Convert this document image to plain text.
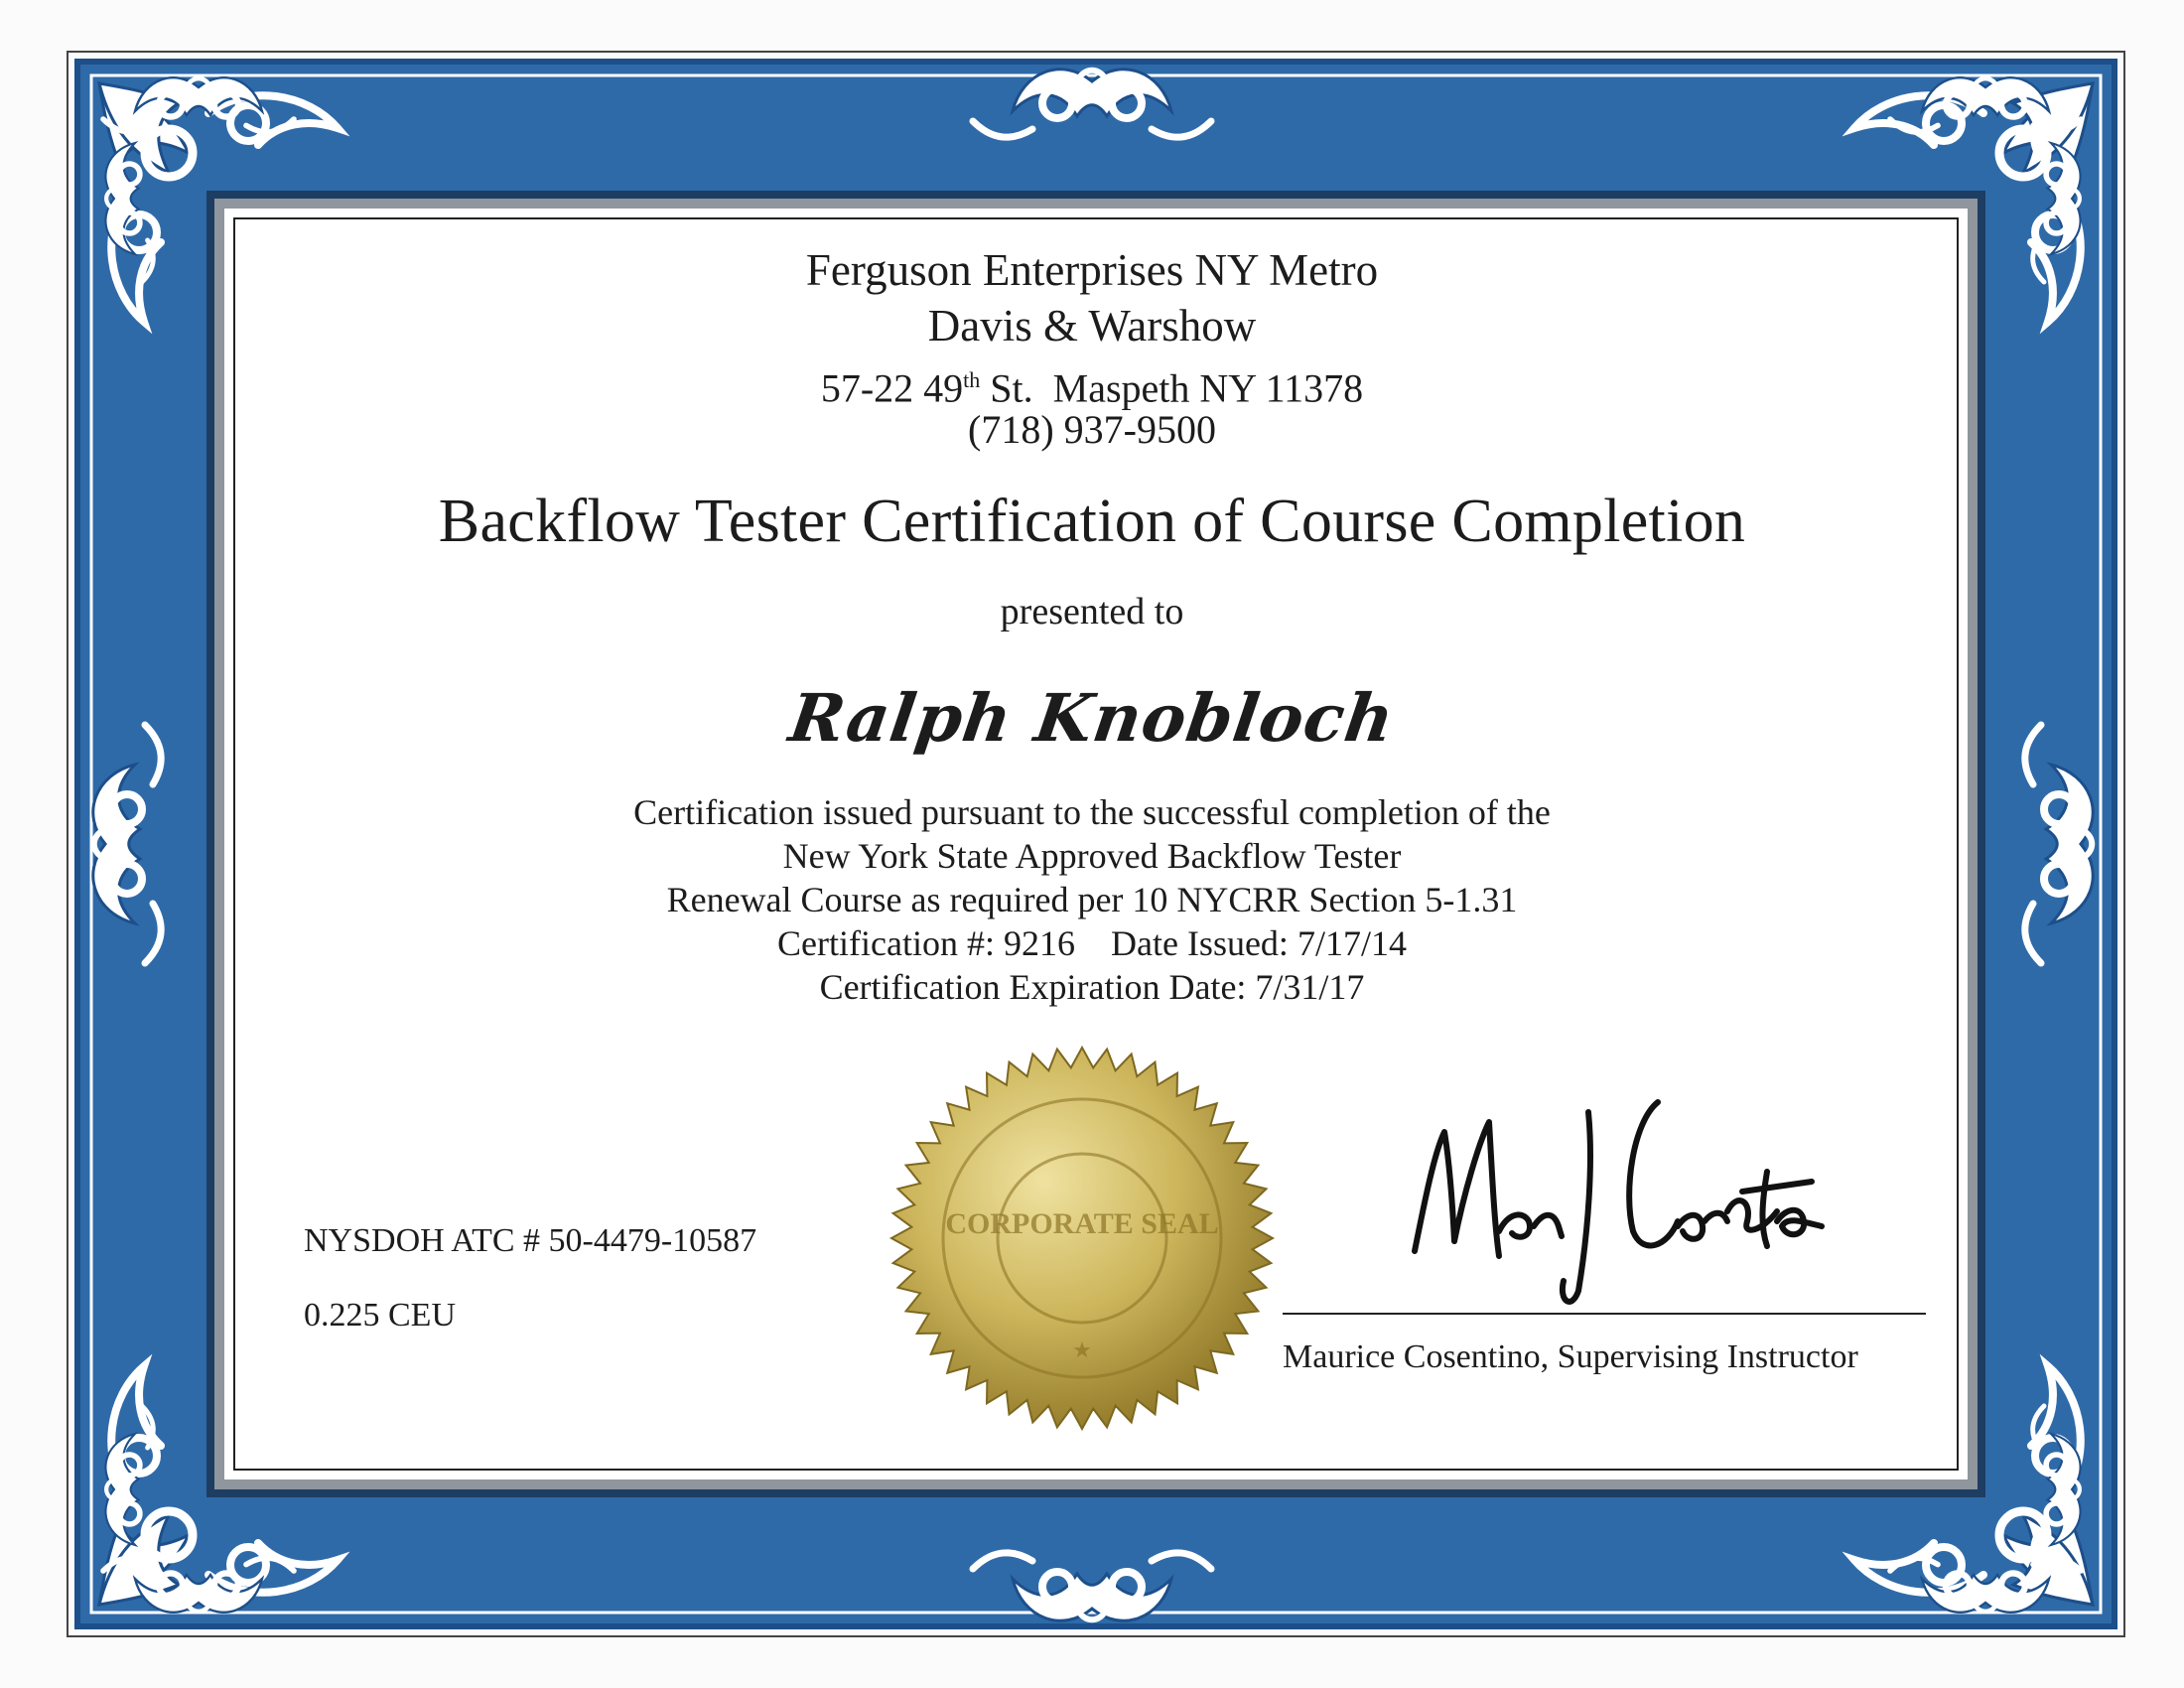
Ferguson Enterprises NY Metro
Davis & Warshow
57-22 49th St.  Maspeth NY 11378
(718) 937-9500
Backflow Tester Certification of Course Completion
presented to
Ralph Knobloch
Certification issued pursuant to the successful completion of the
New York State Approved Backflow Tester
Renewal Course as required per 10 NYCRR Section 5-1.31
Certification #: 9216 Date Issued: 7/17/14
Certification Expiration Date: 7/31/17
NYSDOH ATC # 50-4479-10587
0.225 CEU
CORPORATE SEAL
★	Maurice Cosentino, Supervising Instructor
